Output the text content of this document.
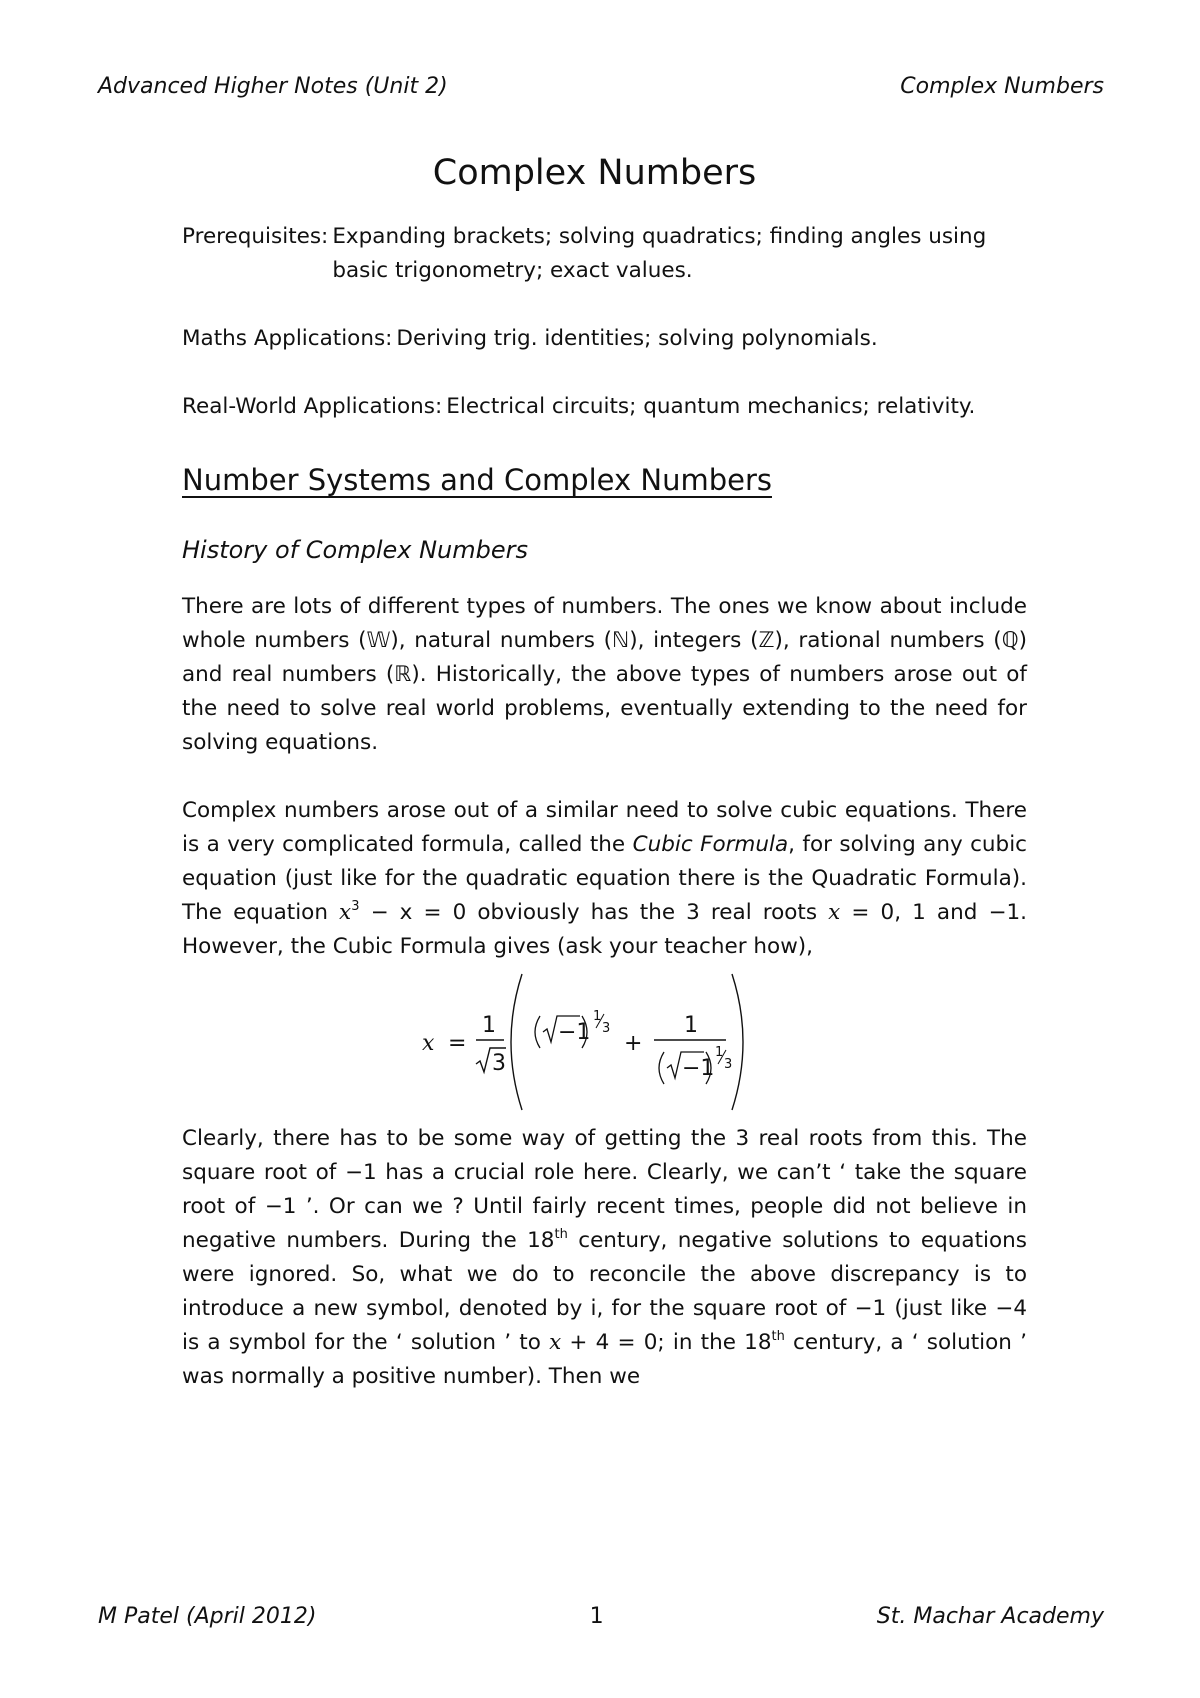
Advanced Higher Notes (Unit 2)	Complex Numbers
Complex Numbers
Prerequisites: Expanding brackets; solving quadratics; finding angles using basic trigonometry; exact values.
Maths Applications: Deriving trig. identities; solving polynomials.
Real-World Applications: Electrical circuits; quantum mechanics; relativity.
Number Systems and Complex Numbers
History of Complex Numbers

There are lots of different types of numbers. The ones we know about include whole numbers (𝕎), natural numbers (ℕ), integers (ℤ), rational numbers (ℚ) and real numbers (ℝ). Historically, the above types of numbers arose out of the need to solve real world problems, eventually extending to the need for solving equations.

Complex numbers arose out of a similar need to solve cubic equations. There is a very complicated formula, called the Cubic Formula, for solving any cubic equation (just like for the quadratic equation there is the Quadratic Formula). The equation $x^3 - x = 0$ obviously has the 3 real roots x = 0, 1 and −1. However, the Cubic Formula gives (ask your teacher how),

x =
1
3
−1
1
3
+
1
−1
1
3

Clearly, there has to be some way of getting the 3 real roots from this. The square root of −1 has a crucial role here. Clearly, we can’t ‘ take the square root of −1 ’. Or can we ? Until fairly recent times, people did not believe in negative numbers. During the 18th century, negative solutions to equations were ignored. So, what we do to reconcile the above discrepancy is to introduce a new symbol, denoted by i, for the square root of −1 (just like −4 is a symbol for the ‘ solution ’ to x + 4 = 0; in the 18th century, a ‘ solution ’ was normally a positive number). Then we

M Patel (April 2012)	1	St. Machar Academy
